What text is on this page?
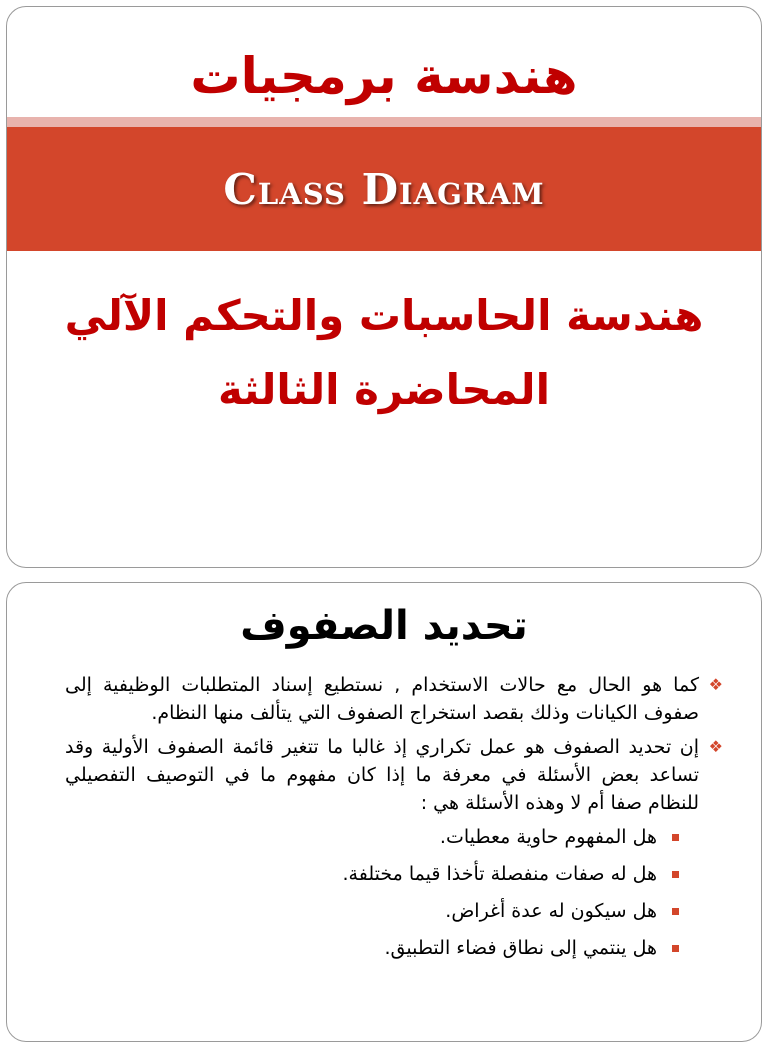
هندسة برمجيات
Class Diagram
هندسة الحاسبات والتحكم الآلي
المحاضرة الثالثة
تحديد الصفوف
❖
كما هو الحال مع حالات الاستخدام , نستطيع إسناد المتطلبات الوظيفية إلى صفوف الكيانات وذلك بقصد استخراج الصفوف التي يتألف منها النظام.
❖
إن تحديد الصفوف هو عمل تكراري إذ غالبا ما تتغير قائمة الصفوف الأولية وقد تساعد بعض الأسئلة في معرفة ما إذا كان مفهوم ما في التوصيف التفصيلي للنظام صفا أم لا وهذه الأسئلة هي :
هل المفهوم حاوية معطيات.
هل له صفات منفصلة تأخذا قيما مختلفة.
هل سيكون له عدة أغراض.
هل ينتمي إلى نطاق فضاء التطبيق.
